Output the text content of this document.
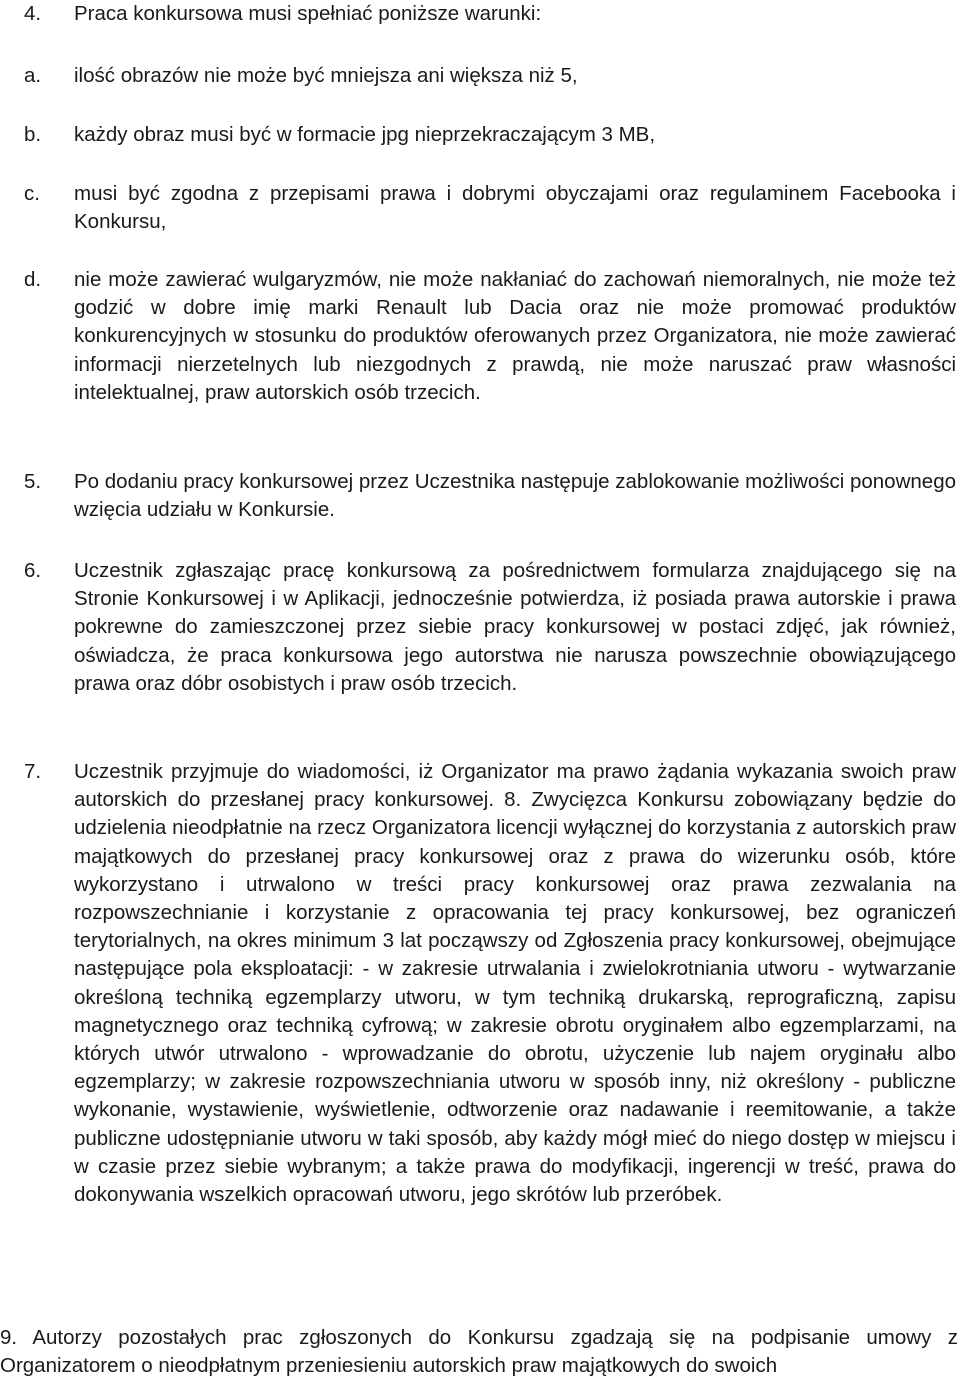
4. Praca konkursowa musi spełniać poniższe warunki:
a. ilość obrazów nie może być mniejsza ani większa niż 5,
b. każdy obraz musi być w formacie jpg nieprzekraczającym 3 MB,
c. musi być zgodna z przepisami prawa i dobrymi obyczajami oraz regulaminem Facebooka i Konkursu,
d. nie może zawierać wulgaryzmów, nie może nakłaniać do zachowań niemoralnych, nie może też godzić w dobre imię marki Renault lub Dacia oraz nie może promować produktów konkurencyjnych w stosunku do produktów oferowanych przez Organizatora, nie może zawierać informacji nierzetelnych lub niezgodnych z prawdą, nie może naruszać praw własności intelektualnej, praw autorskich osób trzecich.
5. Po dodaniu pracy konkursowej przez Uczestnika następuje zablokowanie możliwości ponownego wzięcia udziału w Konkursie.
6. Uczestnik zgłaszając pracę konkursową za pośrednictwem formularza znajdującego się na Stronie Konkursowej i w Aplikacji, jednocześnie potwierdza, iż posiada prawa autorskie i prawa pokrewne do zamieszczonej przez siebie pracy konkursowej w postaci zdjęć, jak również, oświadcza, że praca konkursowa jego autorstwa nie narusza powszechnie obowiązującego prawa oraz dóbr osobistych i praw osób trzecich.
7. Uczestnik przyjmuje do wiadomości, iż Organizator ma prawo żądania wykazania swoich praw autorskich do przesłanej pracy konkursowej. 8. Zwycięzca Konkursu zobowiązany będzie do udzielenia nieodpłatnie na rzecz Organizatora licencji wyłącznej do korzystania z autorskich praw majątkowych do przesłanej pracy konkursowej oraz z prawa do wizerunku osób, które wykorzystano i utrwalono w treści pracy konkursowej oraz prawa zezwalania na rozpowszechnianie i korzystanie z opracowania tej pracy konkursowej, bez ograniczeń terytorialnych, na okres minimum 3 lat począwszy od Zgłoszenia pracy konkursowej, obejmujące następujące pola eksploatacji: - w zakresie utrwalania i zwielokrotniania utworu - wytwarzanie określoną techniką egzemplarzy utworu, w tym techniką drukarską, reprograficzną, zapisu magnetycznego oraz techniką cyfrową; w zakresie obrotu oryginałem albo egzemplarzami, na których utwór utrwalono - wprowadzanie do obrotu, użyczenie lub najem oryginału albo egzemplarzy; w zakresie rozpowszechniania utworu w sposób inny, niż określony - publiczne wykonanie, wystawienie, wyświetlenie, odtworzenie oraz nadawanie i reemitowanie, a także publiczne udostępnianie utworu w taki sposób, aby każdy mógł mieć do niego dostęp w miejscu i w czasie przez siebie wybranym; a także prawa do modyfikacji, ingerencji w treść, prawa do dokonywania wszelkich opracowań utworu, jego skrótów lub przeróbek.
9. Autorzy pozostałych prac zgłoszonych do Konkursu zgadzają się na podpisanie umowy z Organizatorem o nieodpłatnym przeniesieniu autorskich praw majątkowych do swoich
